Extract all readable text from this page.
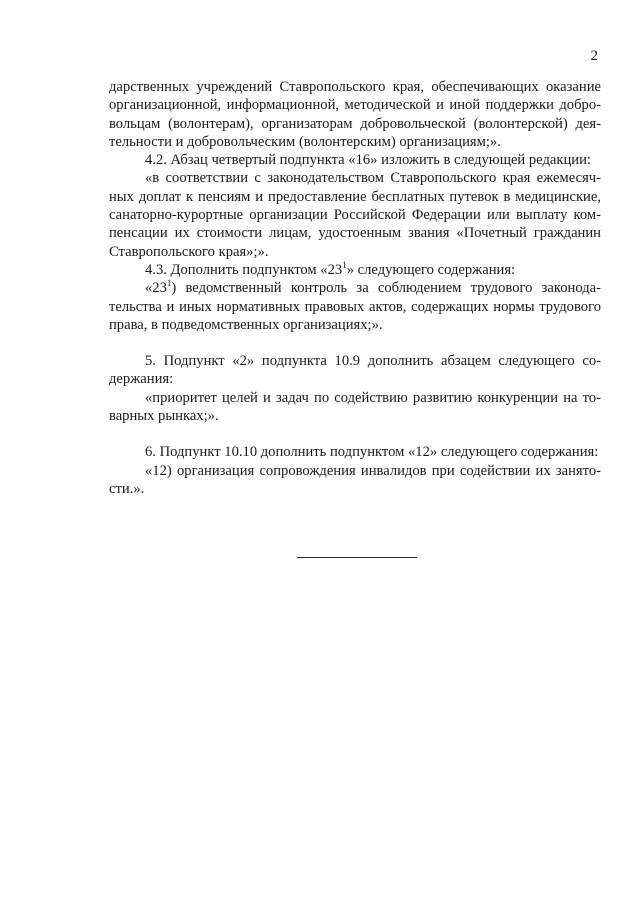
2

дарственных учреждений Ставропольского края, обеспечивающих оказание организационной, информационной, методической и иной поддержки добровольцам (волонтерам), организаторам добровольческой (волонтерской) деятельности и добровольческим (волонтерским) организациям;».

4.2. Абзац четвертый подпункта «16» изложить в следующей редакции:

«в соответствии с законодательством Ставропольского края ежемесячных доплат к пенсиям и предоставление бесплатных путевок в медицинские, санаторно-курортные организации Российской Федерации или выплату компенсации их стоимости лицам, удостоенным звания «Почетный гражданин Ставропольского края»;».

4.3. Дополнить подпунктом «$23^1$» следующего содержания:

«$23^1$) ведомственный контроль за соблюдением трудового законодательства и иных нормативных правовых актов, содержащих нормы трудового права, в подведомственных организациях;».

5. Подпункт «2» подпункта 10.9 дополнить абзацем следующего содержания:

«приоритет целей и задач по содействию развитию конкуренции на товарных рынках;».

6. Подпункт 10.10 дополнить подпунктом «12» следующего содержания:

«12) организация сопровождения инвалидов при содействии их занятости.».
